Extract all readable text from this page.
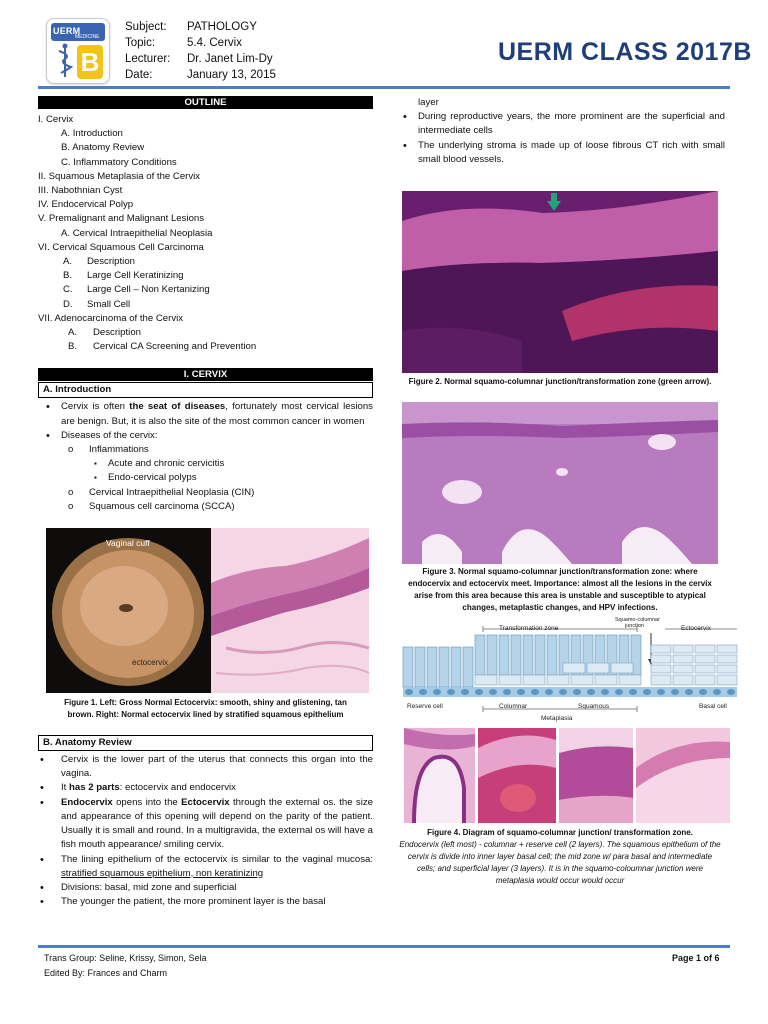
UERM
MEDICINE
B
Subject:	PATHOLOGY
Topic:	5.4. Cervix
Lecturer:	Dr. Janet Lim-Dy
Date:	January 13, 2015
UERM CLASS 2017B
OUTLINE
I. Cervix
A. Introduction
B. Anatomy Review
C. Inflammatory Conditions
II. Squamous Metaplasia of the Cervix
III. Nabothnian Cyst
IV. Endocervical Polyp
V. Premalignant and Malignant Lesions
A. Cervical Intraepithelial Neoplasia
VI. Cervical Squamous Cell Carcinoma
A. Description
B. Large Cell Keratinizing
C. Large Cell – Non Kertanizing
D. Small Cell
VII. Adenocarcinoma of the Cervix
A. Description
B. Cervical CA Screening and Prevention
I. CERVIX
A. Introduction
• Cervix is often the seat of diseases, fortunately most cervical lesions are benign. But, it is also the site of the most common cancer in women
• Diseases of the cervix:
o Inflammations
▪ Acute and chronic cervicitis
▪ Endo-cervical polyps
o Cervical Intraepithelial Neoplasia (CIN)
o Squamous cell carcinoma (SCCA)
Vaginal cuff
ectocervix
Figure 1. Left: Gross Normal Ectocervix: smooth, shiny and glistening, tan brown. Right: Normal ectocervix lined by stratified squamous epithelium
B. Anatomy Review
• Cervix is the lower part of the uterus that connects this organ into the vagina.
• It has 2 parts: ectocervix and endocervix
• Endocervix opens into the Ectocervix through the external os. the size and appearance of this opening will depend on the parity of the patient. Usually it is small and round. In a multigravida, the external os will have a fish mouth appearance/ smiling cervix.
• The lining epithelium of the ectocervix is similar to the vaginal mucosa: stratified squamous epithelium, non keratinizing
• Divisions: basal, mid zone and superficial
• The younger the patient, the more prominent layer is the basal
layer
• During reproductive years, the more prominent are the superficial and intermediate cells
• The underlying stroma is made up of loose fibrous CT rich with small small blood vessels.
Figure 2. Normal squamo-columnar junction/transformation zone (green arrow).
Figure 3. Normal squamo-columnar junction/transformation zone: where endocervix and ectocervix meet. Importance: almost all the lesions in the cervix arise from this area because this area is unstable and susceptible to atypical changes, metaplastic changes, and HPV infections.
Transformation zone
Squamo-columnar
junction	Ectocervix
Reserve cell	Columnar	Squamous	Basal cell
Metaplasia
Figure 4. Diagram of squamo-columnar junction/ transformation zone.
Endocervix (left most) - columnar + reserve cell (2 layers). The squamous epithelium of the cervix is divide into inner layer basal cell; the mid zone w/ para basal and intermediate cells; and superficial layer (3 layers). It is in the squamo-coloumnar junction were metaplasia would occur would occur
Trans Group: Seline, Krissy, Simon, Sela
Edited By: Frances and Charm
Page 1 of 6
